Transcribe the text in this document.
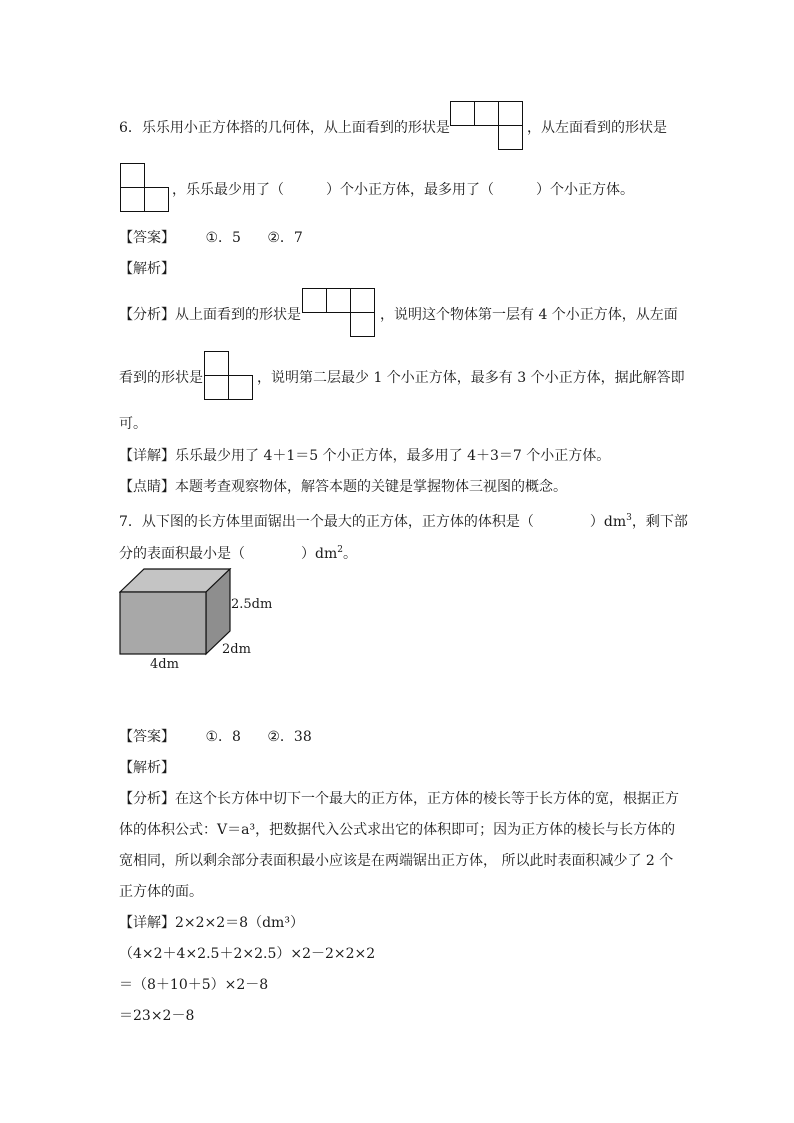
6．乐乐用小正方体搭的几何体，从上面看到的形状是	，从左面看到的形状是
，乐乐最少用了（　　　）个小正方体，最多用了（　　　）个小正方体。
【答案】 ①．5 ②．7
【解析】
【分析】从上面看到的形状是	，说明这个物体第一层有 4 个小正方体，从左面
看到的形状是	，说明第二层最少 1 个小正方体，最多有 3 个小正方体，据此解答即
可。
【详解】乐乐最少用了 4＋1＝5 个小正方体，最多用了 4＋3＝7 个小正方体。
【点睛】本题考查观察物体，解答本题的关键是掌握物体三视图的概念。
7．从下图的长方体里面锯出一个最大的正方体，正方体的体积是（　　　　）$dm^3$，剩下部
分的表面积最小是（　　　　）$dm^2$。
2.5dm
2dm
4dm
【答案】 ①．8 ②．38
【解析】
【分析】在这个长方体中切下一个最大的正方体，正方体的棱长等于长方体的宽，根据正方
体的体积公式：V＝a³，把数据代入公式求出它的体积即可；因为正方体的棱长与长方体的
宽相同，所以剩余部分表面积最小应该是在两端锯出正方体， 所以此时表面积减少了 2 个
正方体的面。
【详解】2×2×2＝8（dm³）
（4×2＋4×2.5＋2×2.5）×2－2×2×2
＝（8＋10＋5）×2－8
＝23×2－8
